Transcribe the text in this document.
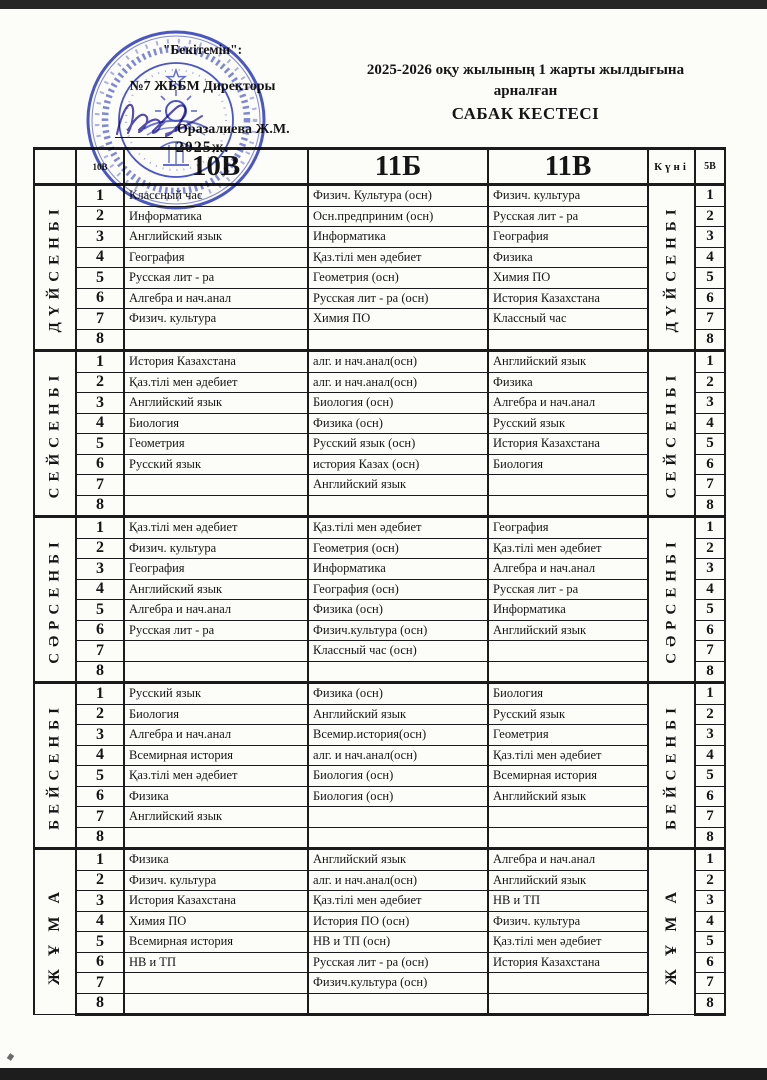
"Бекітемін":
№7 ЖББМ Директоры
Оразалиева Ж.М.
2025ж.
2025-2026 оқу жылының 1 жарты жылдығына
арналған
САБАК КЕСТЕСІ
	10В	10В	11Б	11В	Күні	5В

ДҮЙСЕНБІ	1	Классный час	Физич. Культура (осн)	Физич. культура	ДҮЙСЕНБІ	1
	2	Информатика	Осн.предприним (осн)	Русская лит - ра		2
	3	Английский язык	Информатика	География		3
	4	География	Қаз.тілі мен әдебиет	Физика		4
	5	Русская лит - ра	Геометрия (осн)	Химия ПО		5
	6	Алгебра и нач.анал	Русская лит - ра (осн)	История Казахстана		6
	7	Физич. культура	Химия ПО	Классный час		7
	8					8

СЕЙСЕНБІ	1	История Казахстана	алг. и нач.анал(осн)	Английский язык	СЕЙСЕНБІ	1
	2	Қаз.тілі мен әдебиет	алг. и нач.анал(осн)	Физика		2
	3	Английский язык	Биология (осн)	Алгебра и нач.анал		3
	4	Биология	Физика (осн)	Русский язык		4
	5	Геометрия	Русский язык (осн)	История Казахстана		5
	6	Русский язык	история Казах (осн)	Биология		6
	7		Английский язык			7
	8					8

СӘРСЕНБІ	1	Қаз.тілі мен әдебиет	Қаз.тілі мен әдебиет	География	СӘРСЕНБІ	1
	2	Физич. культура	Геометрия (осн)	Қаз.тілі мен әдебиет		2
	3	География	Информатика	Алгебра и нач.анал		3
	4	Английский язык	География (осн)	Русская лит - ра		4
	5	Алгебра и нач.анал	Физика (осн)	Информатика		5
	6	Русская лит - ра	Физич.культура (осн)	Английский язык		6
	7		Классный час (осн)			7
	8					8

БЕЙСЕНБІ	1	Русский язык	Физика (осн)	Биология	БЕЙСЕНБІ	1
	2	Биология	Английский язык	Русский язык		2
	3	Алгебра и нач.анал	Всемир.история(осн)	Геометрия		3
	4	Всемирная история	алг. и нач.анал(осн)	Қаз.тілі мен әдебиет		4
	5	Қаз.тілі мен әдебиет	Биология (осн)	Всемирная история		5
	6	Физика	Биология (осн)	Английский язык		6
	7	Английский язык				7
	8					8

ЖҰМА	1	Физика	Английский язык	Алгебра и нач.анал	ЖҰМА	1
	2	Физич. культура	алг. и нач.анал(осн)	Английский язык		2
	3	История Казахстана	Қаз.тілі мен әдебиет	НВ и ТП		3
	4	Химия ПО	История ПО (осн)	Физич. культура		4
	5	Всемирная история	НВ и ТП (осн)	Қаз.тілі мен әдебиет		5
	6	НВ и ТП	Русская лит - ра (осн)	История Казахстана		6
	7		Физич.культура (осн)			7
	8					8
